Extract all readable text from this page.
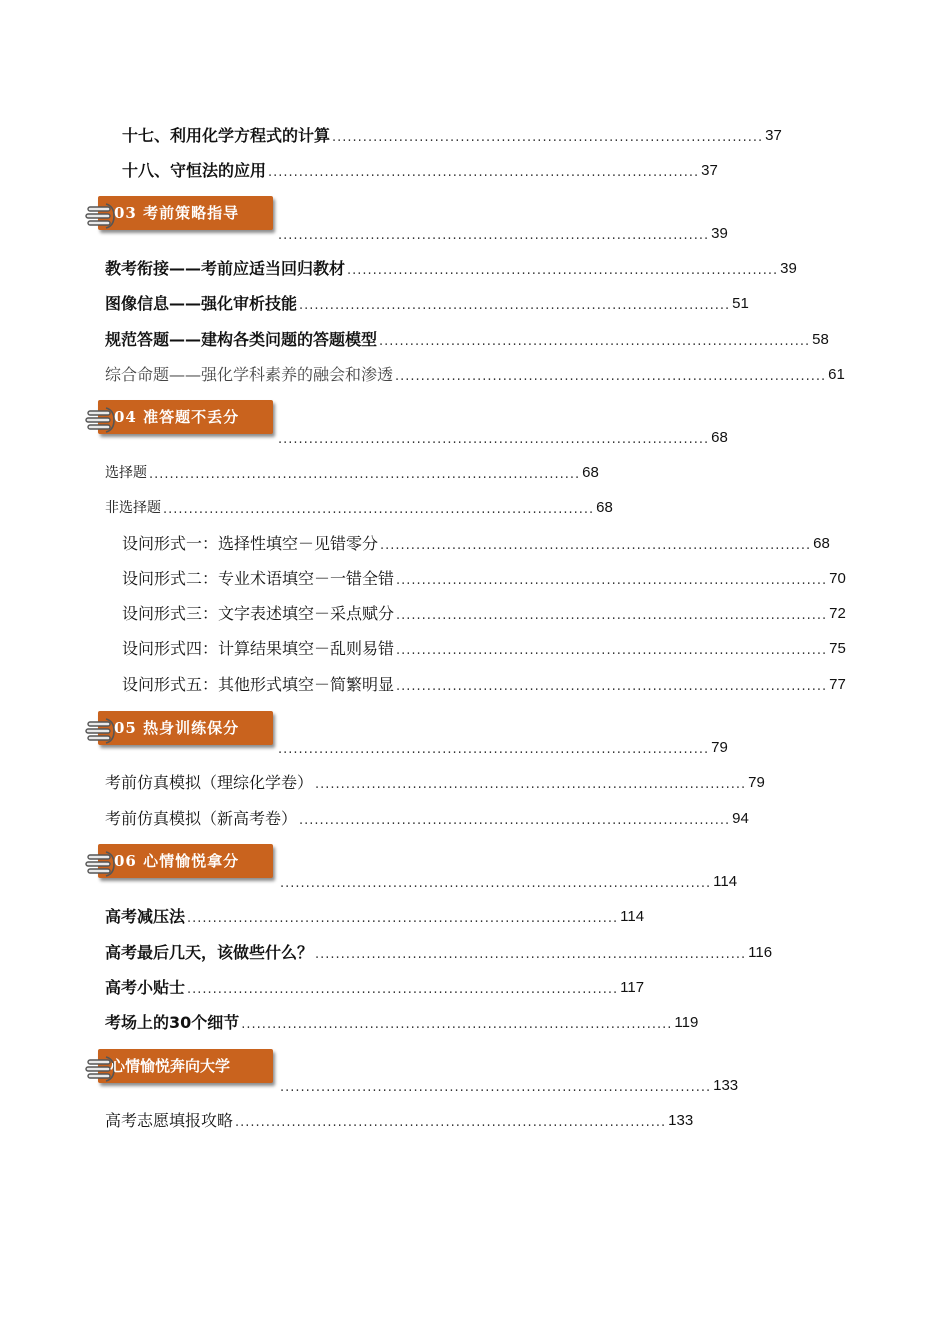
十七、利用化学方程式的计算 .................................................................................... 37
十八、守恒法的应用 .................................................................................... 37
03 考前策略指导
.................................................................................... 39
教考衔接——考前应适当回归教材 .................................................................................... 39
图像信息——强化审析技能 .................................................................................... 51
规范答题——建构各类问题的答题模型 .................................................................................... 58
综合命题——强化学科素养的融会和渗透 .................................................................................... 61
04 准答题不丢分
.................................................................................... 68
选择题 .................................................................................... 68
非选择题 .................................................................................... 68
设问形式一：选择性填空－见错零分 .................................................................................... 68
设问形式二：专业术语填空－一错全错 .................................................................................... 70
设问形式三：文字表述填空－采点赋分 .................................................................................... 72
设问形式四：计算结果填空－乱则易错 .................................................................................... 75
设问形式五：其他形式填空－简繁明显 .................................................................................... 77
05 热身训练保分
.................................................................................... 79
考前仿真模拟（理综化学卷） .................................................................................... 79
考前仿真模拟（新高考卷） .................................................................................... 94
06 心情愉悦拿分
.................................................................................... 114
高考减压法 .................................................................................... 114
高考最后几天，该做些什么？ .................................................................................... 116
高考小贴士 .................................................................................... 117
考场上的30个细节 .................................................................................... 119
心情愉悦奔向大学
.................................................................................... 133
高考志愿填报攻略 .................................................................................... 133
